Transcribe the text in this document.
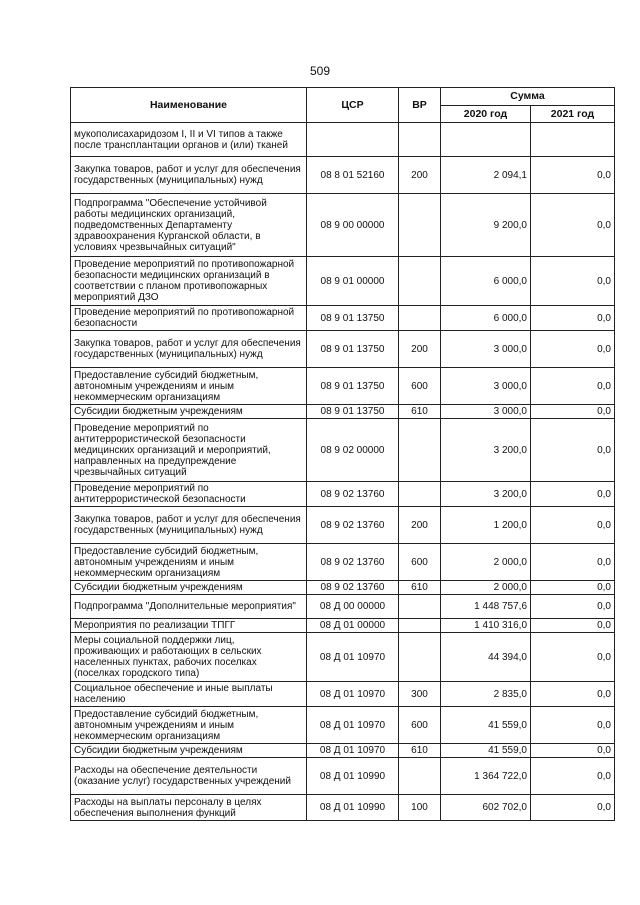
509
Наименование	ЦСР	ВР	Сумма	
			2020 год	2021 год
мукополисахаридозом I, II и VI типов а также после трансплантации органов и (или) тканей				
Закупка товаров, работ и услуг для обеспечения государственных (муниципальных) нужд	08 8 01 52160	200	2 094,1	0,0
Подпрограмма "Обеспечение устойчивой работы медицинских организаций, подведомственных Департаменту здравоохранения Курганской области, в условиях чрезвычайных ситуаций"	08 9 00 00000		9 200,0	0,0
Проведение мероприятий по противопожарной безопасности медицинских организаций в соответствии с планом противопожарных мероприятий ДЗО	08 9 01 00000		6 000,0	0,0
Проведение мероприятий по противопожарной безопасности	08 9 01 13750		6 000,0	0,0
Закупка товаров, работ и услуг для обеспечения государственных (муниципальных) нужд	08 9 01 13750	200	3 000,0	0,0
Предоставление субсидий бюджетным, автономным учреждениям и иным некоммерческим организациям	08 9 01 13750	600	3 000,0	0,0
Субсидии бюджетным учреждениям	08 9 01 13750	610	3 000,0	0,0
Проведение мероприятий по антитеррористической безопасности медицинских организаций и мероприятий, направленных на предупреждение чрезвычайных ситуаций	08 9 02 00000		3 200,0	0,0
Проведение мероприятий по антитеррористической безопасности	08 9 02 13760		3 200,0	0,0
Закупка товаров, работ и услуг для обеспечения государственных (муниципальных) нужд	08 9 02 13760	200	1 200,0	0,0
Предоставление субсидий бюджетным, автономным учреждениям и иным некоммерческим организациям	08 9 02 13760	600	2 000,0	0,0
Субсидии бюджетным учреждениям	08 9 02 13760	610	2 000,0	0,0
Подпрограмма "Дополнительные мероприятия"	08 Д 00 00000		1 448 757,6	0,0
Мероприятия по реализации ТПГГ	08 Д 01 00000		1 410 316,0	0,0
Меры социальной поддержки лиц, проживающих и работающих в сельских населенных пунктах, рабочих поселках (поселках городского типа)	08 Д 01 10970		44 394,0	0,0
Социальное обеспечение и иные выплаты населению	08 Д 01 10970	300	2 835,0	0,0
Предоставление субсидий бюджетным, автономным учреждениям и иным некоммерческим организациям	08 Д 01 10970	600	41 559,0	0,0
Субсидии бюджетным учреждениям	08 Д 01 10970	610	41 559,0	0,0
Расходы на обеспечение деятельности (оказание услуг) государственных учреждений	08 Д 01 10990		1 364 722,0	0,0
Расходы на выплаты персоналу в целях обеспечения выполнения функций	08 Д 01 10990	100	602 702,0	0,0
